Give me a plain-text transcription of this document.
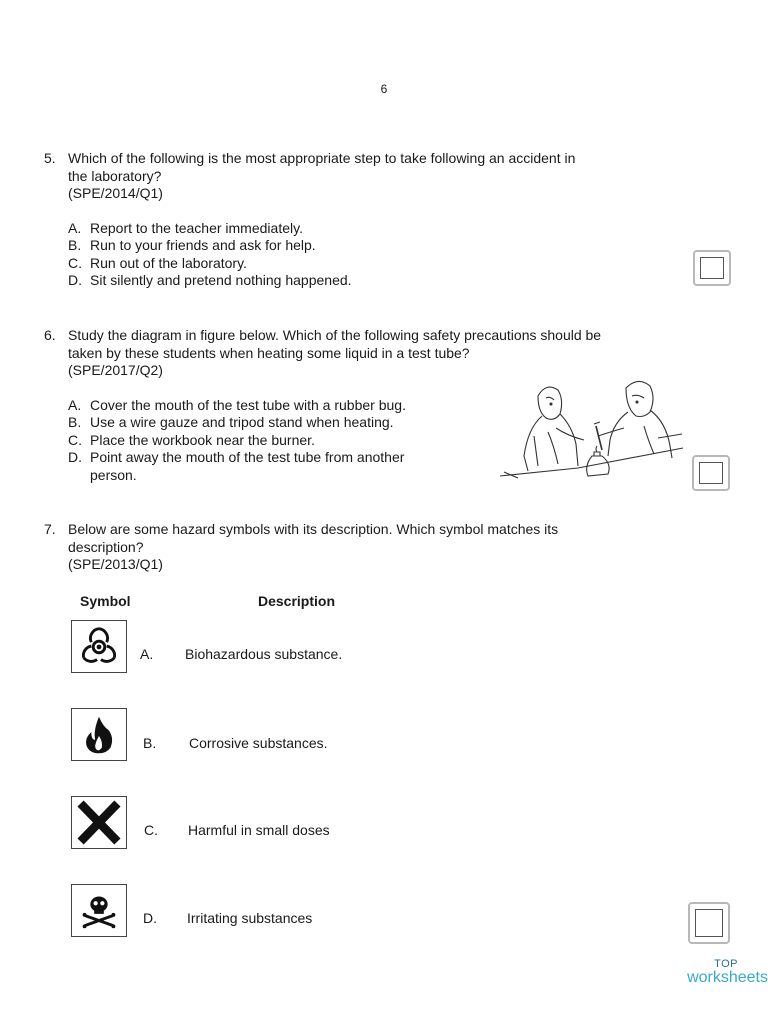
6
5. Which of the following is the most appropriate step to take following an accident in
the laboratory?
(SPE/2014/Q1)
A. Report to the teacher immediately.
B. Run to your friends and ask for help.
C. Run out of the laboratory.
D. Sit silently and pretend nothing happened.
6. Study the diagram in figure below. Which of the following safety precautions should be
taken by these students when heating some liquid in a test tube?
(SPE/2017/Q2)
A. Cover the mouth of the test tube with a rubber bug.
B. Use a wire gauze and tripod stand when heating.
C. Place the workbook near the burner.
D. Point away the mouth of the test tube from another
person.
7. Below are some hazard symbols with its description. Which symbol matches its
description?
(SPE/2013/Q1)
Symbol	Description
A. Biohazardous substance.
B. Corrosive substances.
C. Harmful in small doses
D. Irritating substances
TOP
worksheets
